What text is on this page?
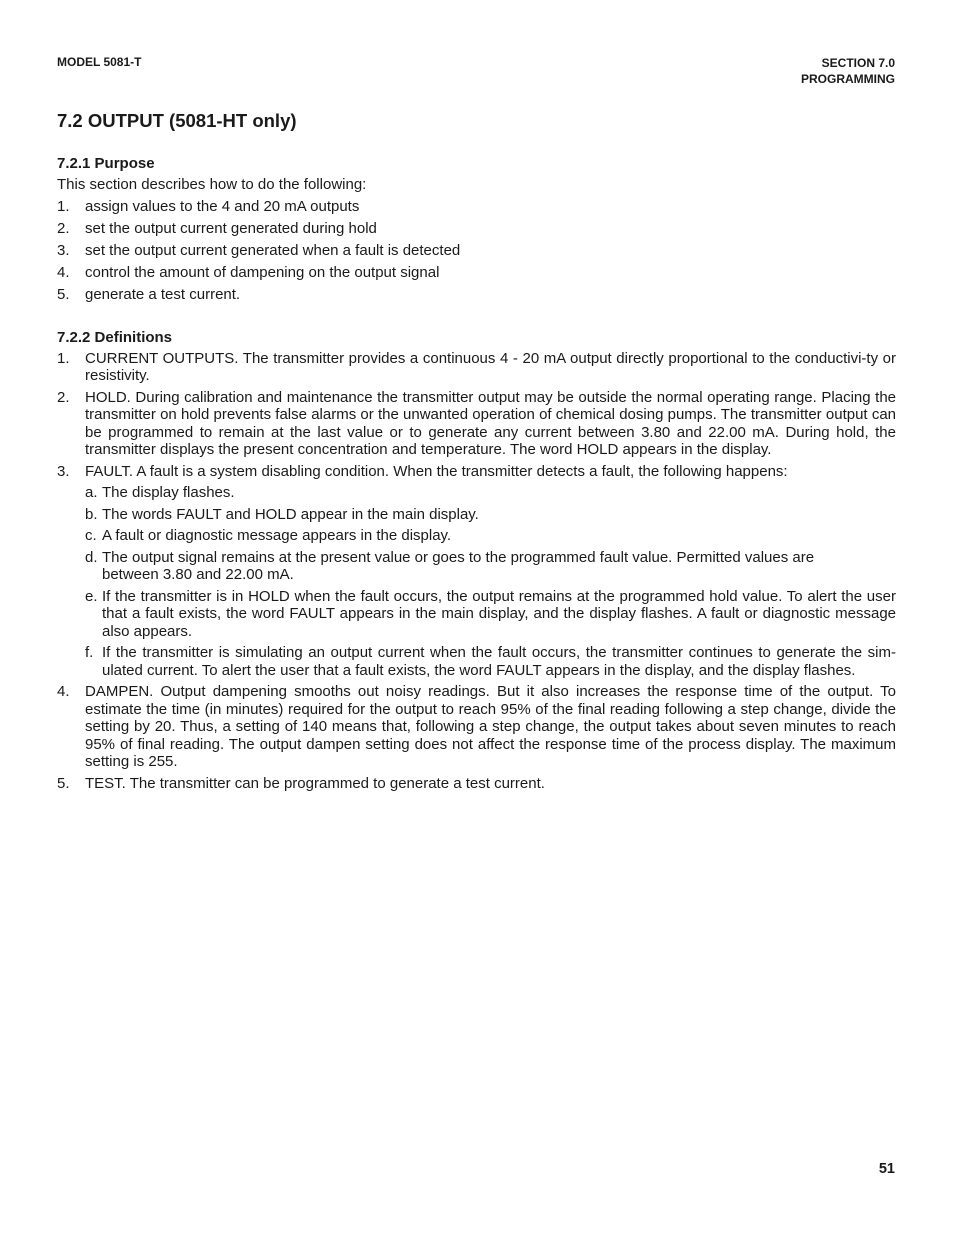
MODEL 5081-T	SECTION 7.0
PROGRAMMING
7.2 OUTPUT (5081-HT only)
7.2.1 Purpose

This section describes how to do the following:

1. assign values to the 4 and 20 mA outputs
2. set the output current generated during hold
3. set the output current generated when a fault is detected
4. control the amount of dampening on the output signal
5. generate a test current.
7.2.2 Definitions
1. CURRENT OUTPUTS. The transmitter provides a continuous 4 - 20 mA output directly proportional to the conductivi-ty or resistivity.
2. HOLD. During calibration and maintenance the transmitter output may be outside the normal operating range. Placing the transmitter on hold prevents false alarms or the unwanted operation of chemical dosing pumps. The transmitter output can be programmed to remain at the last value or to generate any current between 3.80 and 22.00 mA. During hold, the transmitter displays the present concentration and temperature. The word HOLD appears in the display.
3. FAULT. A fault is a system disabling condition. When the transmitter detects a fault, the following happens:
a. The display flashes.
b. The words FAULT and HOLD appear in the main display.
c. A fault or diagnostic message appears in the display.
d. The output signal remains at the present value or goes to the programmed fault value. Permitted values are between 3.80 and 22.00 mA.
e. If the transmitter is in HOLD when the fault occurs, the output remains at the programmed hold value. To alert the user that a fault exists, the word FAULT appears in the main display, and the display flashes. A fault or diagnostic message also appears.
f. If the transmitter is simulating an output current when the fault occurs, the transmitter continues to generate the sim-ulated current. To alert the user that a fault exists, the word FAULT appears in the display, and the display flashes.
4. DAMPEN. Output dampening smooths out noisy readings. But it also increases the response time of the output. To estimate the time (in minutes) required for the output to reach 95% of the final reading following a step change, divide the setting by 20. Thus, a setting of 140 means that, following a step change, the output takes about seven minutes to reach 95% of final reading. The output dampen setting does not affect the response time of the process display. The maximum setting is 255.
5. TEST. The transmitter can be programmed to generate a test current.
51
